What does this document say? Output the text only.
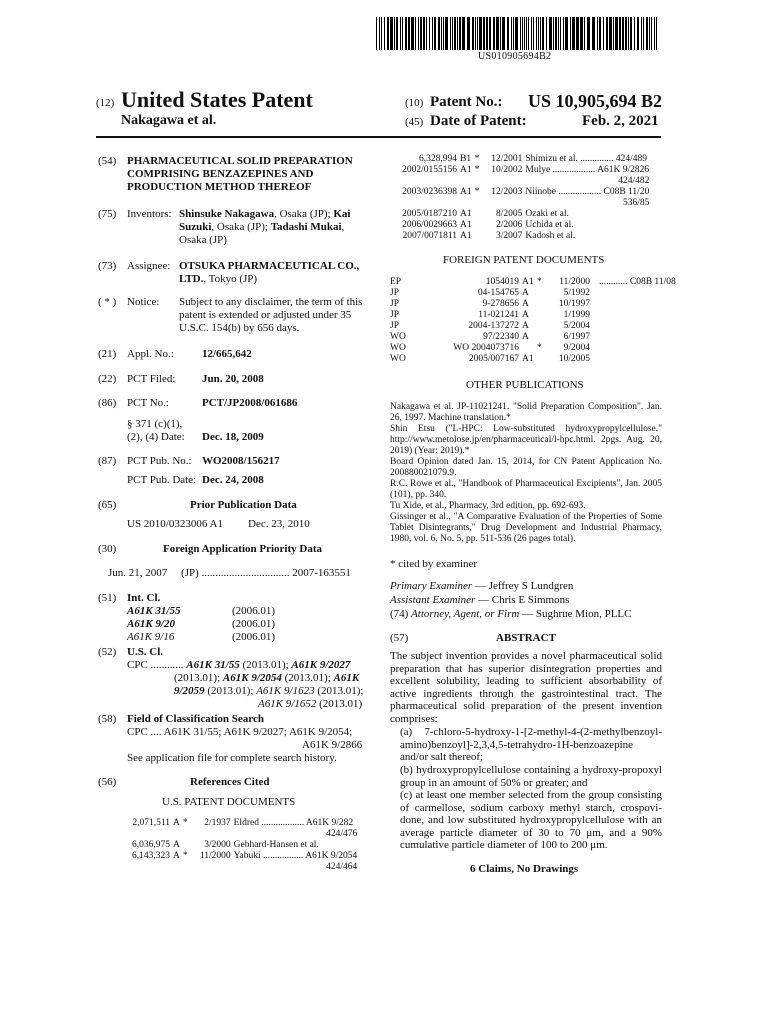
US010905694B2
(12) United States Patent
Nakagawa et al.
(10) Patent No.: US 10,905,694 B2
(45) Date of Patent:	Feb. 2, 2021
(54) PHARMACEUTICAL SOLID PREPARATION
COMPRISING BENZAZEPINES AND
PRODUCTION METHOD THEREOF
(75) Inventors: Shinsuke Nakagawa, Osaka (JP); Kai
Suzuki, Osaka (JP); Tadashi Mukai,
Osaka (JP)
(73) Assignee: OTSUKA PHARMACEUTICAL CO.,
LTD., Tokyo (JP)
( * ) Notice: Subject to any disclaimer, the term of this
patent is extended or adjusted under 35
U.S.C. 154(b) by 656 days.
(21) Appl. No.:	12/665,642
(22) PCT Filed: Jun. 20, 2008
(86) PCT No.:	PCT/JP2008/061686
§ 371 (c)(1),
(2), (4) Date: Dec. 18, 2009
(87) PCT Pub. No.: WO2008/156217
PCT Pub. Date: Dec. 24, 2008
(65)	Prior Publication Data
US 2010/0323006 A1 Dec. 23, 2010
(30)	Foreign Application Priority Data
Jun. 21, 2007     (JP) ................................ 2007-163551
(51) Int. Cl.
A61K 31/55	(2006.01)
A61K 9/20	(2006.01)
A61K 9/16	(2006.01)
(52) U.S. Cl.
CPC ............ A61K 31/55 (2013.01); A61K 9/2027
(2013.01); A61K 9/2054 (2013.01); A61K
9/2059 (2013.01); A61K 9/1623 (2013.01);
A61K 9/1652 (2013.01)
(58) Field of Classification Search
CPC .... A61K 31/55; A61K 9/2027; A61K 9/2054;
A61K 9/2866
See application file for complete search history.
(56)	References Cited
U.S. PATENT DOCUMENTS
2,071,511	A	*	2/1937	Eldred .................. A61K 9/282
424/476				
6,036,975	A		3/2000	Gebhard-Hansen et al.
6,143,323	A	*	11/2000	Yabuki ................. A61K 9/2054
424/464				
6,328,994	B1	*	12/2001	Shimizu et al. .............. 424/489
2002/0155156	A1	*	10/2002	Mulye .................. A61K 9/2826
424/482				
2003/0236398	A1	*	12/2003	Niinobe .................. C08B 11/20
536/85				
2005/0187210	A1		8/2005	Ozaki et al.
2006/0029663	A1		2/2006	Uchida et al.
2007/0071811	A1		3/2007	Kadosh et al.
FOREIGN PATENT DOCUMENTS
EP	1054019	A1	*	11/2000	............ C08B 11/08
JP	04-154765	A		5/1992	
JP	9-278656	A		10/1997	
JP	11-021241	A		1/1999	
JP	2004-137272	A		5/2004	
WO	97/22340	A		6/1997	
WO	WO 2004073716		*	9/2004	
WO	2005/007167	A1		10/2005	
OTHER PUBLICATIONS
Nakagawa et al. JP-11021241. "Solid Preparation Composition". Jan. 26, 1997. Machine translation.*
Shin Etsu ("L-HPC: Low-substituted hydroxypropylcellulose." http://www.metolose.jp/en/pharmaceutical/l-hpc.html. 2pgs. Aug. 20, 2019) (Year: 2019).*
Board Opinion dated Jan. 15, 2014, for CN Patent Application No. 200880021079.9.
R.C. Rowe et al., "Handbook of Pharmaceutical Excipients", Jan. 2005 (101), pp. 340.
Tu Xide, et al., Pharmacy, 3rd edition, pp. 692-693.
Gissinger et al., "A Comparative Evaluation of the Properties of Some Tablet Disintegrants," Drug Development and Industrial Pharmacy, 1980, vol. 6, No. 5, pp. 511-536 (26 pages total).
* cited by examiner
Primary Examiner — Jeffrey S Lundgren
Assistant Examiner — Chris E Simmons
(74) Attorney, Agent, or Firm — Sughrue Mion, PLLC
(57)	ABSTRACT
The subject invention provides a novel pharmaceutical solid preparation that has superior disintegration properties and excellent solubility, leading to sufficient absorbability of active ingredients through the gastrointestinal tract. The pharmaceutical solid preparation of the present invention comprises:
(a) 7-chloro-5-hydroxy-1-[2-methyl-4-(2-methylbenzoyl-amino)benzoyl]-2,3,4,5-tetrahydro-1H-benzoazepine and/or salt thereof;
(b) hydroxypropylcellulose containing a hydroxy-propoxyl group in an amount of 50% or greater; and
(c) at least one member selected from the group consisting of carmellose, sodium carboxy methyl starch, crospovi-done, and low substituted hydroxypropylcellulose with an average particle diameter of 30 to 70 μm, and a 90% cumulative particle diameter of 100 to 200 μm.
6 Claims, No Drawings
